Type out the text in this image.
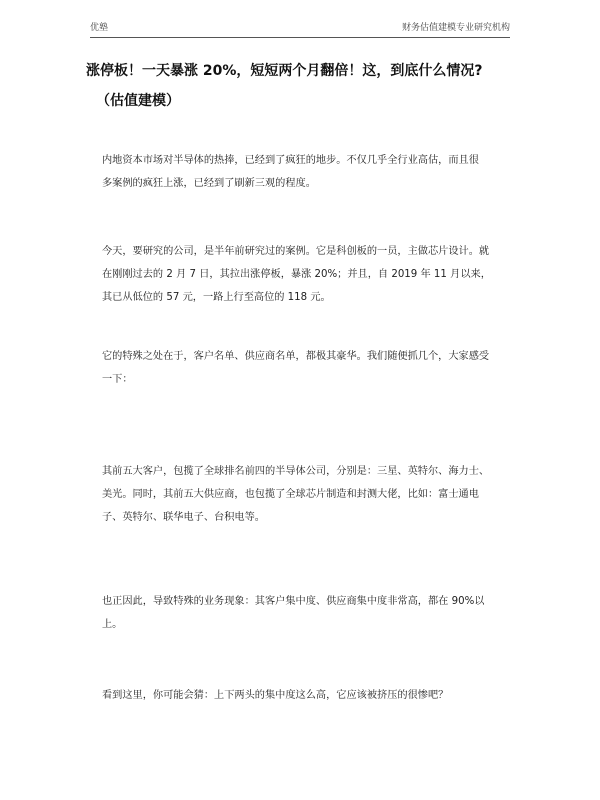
优塾	财务估值建模专业研究机构
涨停板！一天暴涨 20%，短短两个月翻倍！这，到底什么情况?
（估值建模）
内地资本市场对半导体的热捧，已经到了疯狂的地步。不仅几乎全行业高估，而且很
多案例的疯狂上涨，已经到了刷新三观的程度。
今天，要研究的公司，是半年前研究过的案例。它是科创板的一员，主做芯片设计。就
在刚刚过去的 2 月 7 日，其拉出涨停板，暴涨 20%；并且，自 2019 年 11 月以来，
其已从低位的 57 元，一路上行至高位的 118 元。
它的特殊之处在于，客户名单、供应商名单，都极其豪华。我们随便抓几个，大家感受
一下：
其前五大客户，包揽了全球排名前四的半导体公司，分别是：三星、英特尔、海力士、
美光。同时，其前五大供应商，也包揽了全球芯片制造和封测大佬，比如：富士通电
子、英特尔、联华电子、台积电等。
也正因此，导致特殊的业务现象：其客户集中度、供应商集中度非常高，都在 90%以
上。
看到这里，你可能会猜：上下两头的集中度这么高，它应该被挤压的很惨吧？
